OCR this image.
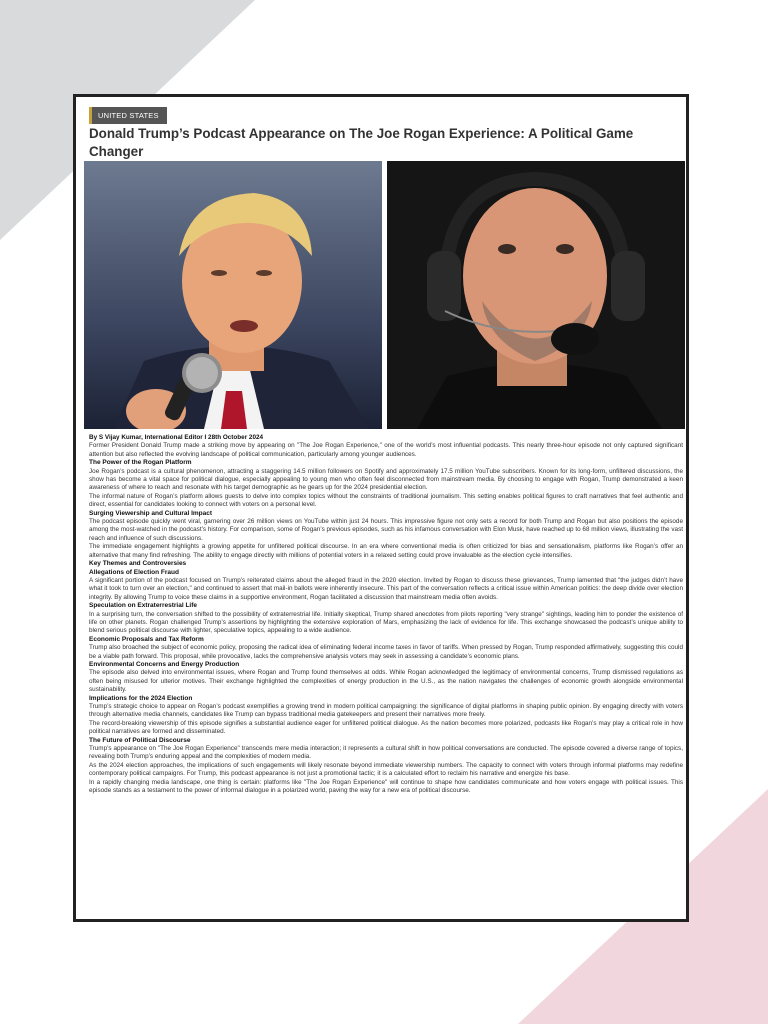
UNITED STATES
Donald Trump’s Podcast Appearance on The Joe Rogan Experience: A Political Game Changer

By S Vijay Kumar, International Editor I 28th October 2024

Former President Donald Trump made a striking move by appearing on "The Joe Rogan Experience," one of the world’s most influential podcasts. This nearly three-hour episode not only captured significant attention but also reflected the evolving landscape of political communication, particularly among younger audiences.

The Power of the Rogan Platform

Joe Rogan’s podcast is a cultural phenomenon, attracting a staggering 14.5 million followers on Spotify and approximately 17.5 million YouTube subscribers. Known for its long-form, unfiltered discussions, the show has become a vital space for political dialogue, especially appealing to young men who often feel disconnected from mainstream media. By choosing to engage with Rogan, Trump demonstrated a keen awareness of where to reach and resonate with his target demographic as he gears up for the 2024 presidential election.

The informal nature of Rogan’s platform allows guests to delve into complex topics without the constraints of traditional journalism. This setting enables political figures to craft narratives that feel authentic and direct, essential for candidates looking to connect with voters on a personal level.

Surging Viewership and Cultural Impact

The podcast episode quickly went viral, garnering over 26 million views on YouTube within just 24 hours. This impressive figure not only sets a record for both Trump and Rogan but also positions the episode among the most-watched in the podcast’s history. For comparison, some of Rogan’s previous episodes, such as his infamous conversation with Elon Musk, have reached up to 68 million views, illustrating the vast reach and influence of such discussions.

The immediate engagement highlights a growing appetite for unfiltered political discourse. In an era where conventional media is often criticized for bias and sensationalism, platforms like Rogan’s offer an alternative that many find refreshing. The ability to engage directly with millions of potential voters in a relaxed setting could prove invaluable as the election cycle intensifies.

Key Themes and Controversies
Allegations of Election Fraud

A significant portion of the podcast focused on Trump’s reiterated claims about the alleged fraud in the 2020 election. Invited by Rogan to discuss these grievances, Trump lamented that "the judges didn’t have what it took to turn over an election," and continued to assert that mail-in ballots were inherently insecure. This part of the conversation reflects a critical issue within American politics: the deep divide over election integrity. By allowing Trump to voice these claims in a supportive environment, Rogan facilitated a discussion that mainstream media often avoids.

Speculation on Extraterrestrial Life

In a surprising turn, the conversation shifted to the possibility of extraterrestrial life. Initially skeptical, Trump shared anecdotes from pilots reporting "very strange" sightings, leading him to ponder the existence of life on other planets. Rogan challenged Trump’s assertions by highlighting the extensive exploration of Mars, emphasizing the lack of evidence for life. This exchange showcased the podcast’s unique ability to blend serious political discourse with lighter, speculative topics, appealing to a wide audience.

Economic Proposals and Tax Reform

Trump also broached the subject of economic policy, proposing the radical idea of eliminating federal income taxes in favor of tariffs. When pressed by Rogan, Trump responded affirmatively, suggesting this could be a viable path forward. This proposal, while provocative, lacks the comprehensive analysis voters may seek in assessing a candidate’s economic plans.

Environmental Concerns and Energy Production

The episode also delved into environmental issues, where Rogan and Trump found themselves at odds. While Rogan acknowledged the legitimacy of environmental concerns, Trump dismissed regulations as often being misused for ulterior motives. Their exchange highlighted the complexities of energy production in the U.S., as the nation navigates the challenges of economic growth alongside environmental sustainability.

Implications for the 2024 Election

Trump’s strategic choice to appear on Rogan’s podcast exemplifies a growing trend in modern political campaigning: the significance of digital platforms in shaping public opinion. By engaging directly with voters through alternative media channels, candidates like Trump can bypass traditional media gatekeepers and present their narratives more freely.

The record-breaking viewership of this episode signifies a substantial audience eager for unfiltered political dialogue. As the nation becomes more polarized, podcasts like Rogan’s may play a critical role in how political narratives are formed and disseminated.

The Future of Political Discourse

Trump’s appearance on "The Joe Rogan Experience" transcends mere media interaction; it represents a cultural shift in how political conversations are conducted. The episode covered a diverse range of topics, revealing both Trump’s enduring appeal and the complexities of modern media.

As the 2024 election approaches, the implications of such engagements will likely resonate beyond immediate viewership numbers. The capacity to connect with voters through informal platforms may redefine contemporary political campaigns. For Trump, this podcast appearance is not just a promotional tactic; it is a calculated effort to reclaim his narrative and energize his base.

In a rapidly changing media landscape, one thing is certain: platforms like "The Joe Rogan Experience" will continue to shape how candidates communicate and how voters engage with political issues. This episode stands as a testament to the power of informal dialogue in a polarized world, paving the way for a new era of political discourse.
